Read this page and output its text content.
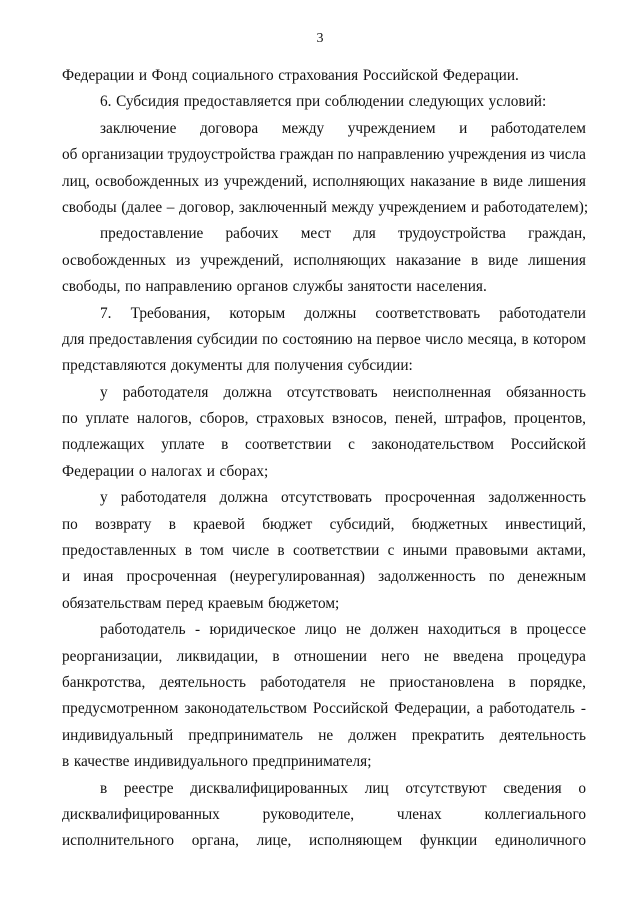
3
Федерации и Фонд социального страхования Российской Федерации.
6. Субсидия предоставляется при соблюдении следующих условий:
заключение договора между учреждением и работодателем
об организации трудоустройства граждан по направлению учреждения из числа
лиц, освобожденных из учреждений, исполняющих наказание в виде лишения
свободы (далее – договор, заключенный между учреждением и работодателем);
предоставление рабочих мест для трудоустройства граждан,
освобожденных из учреждений, исполняющих наказание в виде лишения
свободы, по направлению органов службы занятости населения.
7. Требования, которым должны соответствовать работодатели
для предоставления субсидии по состоянию на первое число месяца, в котором
представляются документы для получения субсидии:
у работодателя должна отсутствовать неисполненная обязанность
по уплате налогов, сборов, страховых взносов, пеней, штрафов, процентов,
подлежащих уплате в соответствии с законодательством Российской
Федерации о налогах и сборах;
у работодателя должна отсутствовать просроченная задолженность
по возврату в краевой бюджет субсидий, бюджетных инвестиций,
предоставленных в том числе в соответствии с иными правовыми актами,
и иная просроченная (неурегулированная) задолженность по денежным
обязательствам перед краевым бюджетом;
работодатель - юридическое лицо не должен находиться в процессе
реорганизации, ликвидации, в отношении него не введена процедура
банкротства, деятельность работодателя не приостановлена в порядке,
предусмотренном законодательством Российской Федерации, а работодатель -
индивидуальный предприниматель не должен прекратить деятельность
в качестве индивидуального предпринимателя;
в реестре дисквалифицированных лиц отсутствуют сведения о
дисквалифицированных	руководителе,	членах	коллегиального
исполнительного органа, лице, исполняющем функции единоличного
